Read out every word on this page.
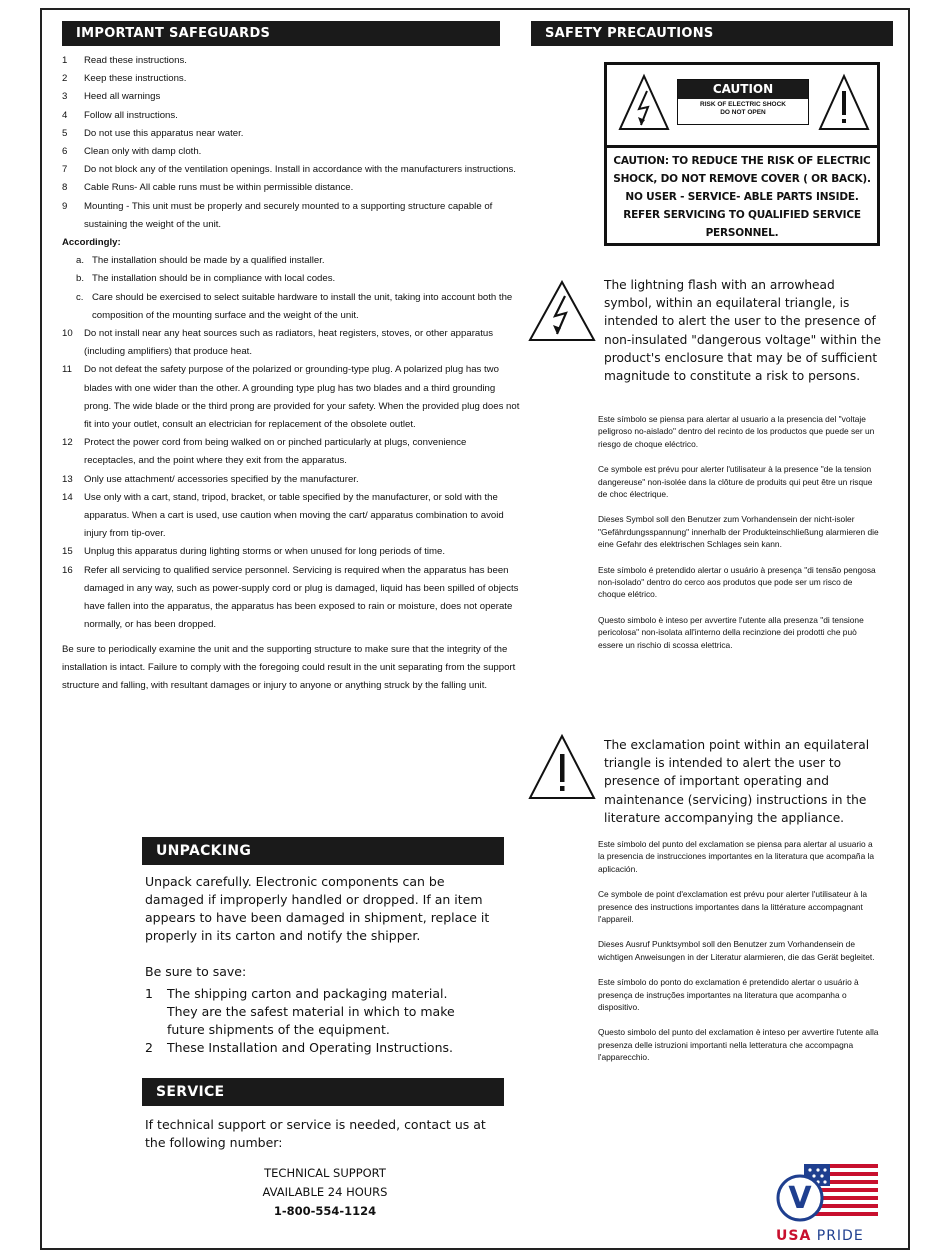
IMPORTANT SAFEGUARDS
1	Read these instructions.
2	Keep these instructions.
3	Heed all warnings
4	Follow all instructions.
5	Do not use this apparatus near water.
6	Clean only with damp cloth.
7	Do not block any of the ventilation openings. Install in accordance with the manufacturers instructions.
8	Cable Runs- All cable runs must be within permissible distance.
9	Mounting - This unit must be properly and securely mounted to a supporting structure capable of sustaining the weight of the unit.
Accordingly:
a. The installation should be made by a qualified installer.
b. The installation should be in compliance with local codes.
c. Care should be exercised to select suitable hardware to install the unit, taking into account both the composition of the mounting surface and the weight of the unit.
10	Do not install near any heat sources such as radiators, heat registers, stoves, or other apparatus (including amplifiers) that produce heat.
11	Do not defeat the safety purpose of the polarized or grounding-type plug. A polarized plug has two blades with one wider than the other. A grounding type plug has two blades and a third grounding prong. The wide blade or the third prong are provided for your safety. When the provided plug does not fit into your outlet, consult an electrician for replacement of the obsolete outlet.
12	Protect the power cord from being walked on or pinched particularly at plugs, convenience receptacles, and the point where they exit from the apparatus.
13	Only use attachment/ accessories specified by the manufacturer.
14	Use only with a cart, stand, tripod, bracket, or table specified by the manufacturer, or sold with the apparatus. When a cart is used, use caution when moving the cart/ apparatus combination to avoid injury from tip-over.
15	Unplug this apparatus during lighting storms or when unused for long periods of time.
16	Refer all servicing to qualified service personnel. Servicing is required when the apparatus has been damaged in any way, such as power-supply cord or plug is damaged, liquid has been spilled of objects have fallen into the apparatus, the apparatus has been exposed to rain or moisture, does not operate normally, or has been dropped.
Be sure to periodically examine the unit and the supporting structure to make sure that the integrity of the installation is intact. Failure to comply with the foregoing could result in the unit separating from the support structure and falling, with resultant damages or injury to anyone or anything struck by the falling unit.
UNPACKING
Unpack carefully. Electronic components can be damaged if improperly handled or dropped. If an item appears to have been damaged in shipment, replace it properly in its carton and notify the shipper.
Be sure to save:
1	The shipping carton and packaging material. They are the safest material in which to make future shipments of the equipment.
2	These Installation and Operating Instructions.
SERVICE
If technical support or service is needed, contact us at the following number:
TECHNICAL SUPPORT
AVAILABLE 24 HOURS
1-800-554-1124
SAFETY PRECAUTIONS
CAUTION
RISK OF ELECTRIC SHOCK
DO NOT OPEN
CAUTION: TO REDUCE THE RISK OF ELECTRIC SHOCK, DO NOT REMOVE COVER ( OR BACK). NO USER - SERVICE- ABLE PARTS INSIDE. REFER SERVICING TO QUALIFIED SERVICE PERSONNEL.
The lightning flash with an arrowhead symbol, within an equilateral triangle, is intended to alert the user to the presence of non-insulated "dangerous voltage" within the product's enclosure that may be of sufficient magnitude to constitute a risk to persons.

Este símbolo se piensa para alertar al usuario a la presencia del "voltaje peligroso no-aislado" dentro del recinto de los productos que puede ser un riesgo de choque eléctrico.

Ce symbole est prévu pour alerter l'utilisateur à la presence "de la tension dangereuse" non-isolée dans la clôture de produits qui peut être un risque de choc électrique.

Dieses Symbol soll den Benutzer zum Vorhandensein der nicht-isoler "Gefährdungsspannung" innerhalb der Produkteinschließung alarmieren die eine Gefahr des elektrischen Schlages sein kann.

Este símbolo é pretendido alertar o usuário à presença "di tensão pengosa non-isolado" dentro do cerco aos produtos que pode ser um risco de choque elétrico.

Questo simbolo è inteso per avvertire l'utente alla presenza "di tensione pericolosa" non-isolata all'interno della recinzione dei prodotti che può essere un rischio di scossa elettrica.

The exclamation point within an equilateral triangle is intended to alert the user to presence of important operating and maintenance (servicing) instructions in the literature accompanying the appliance.

Este símbolo del punto del exclamation se piensa para alertar al usuario a la presencia de instrucciones importantes en la literatura que acompaña la aplicación.

Ce symbole de point d'exclamation est prévu pour alerter l'utilisateur à la presence des instructions importantes dans la littérature accompagnant l'appareil.

Dieses Ausruf Punktsymbol soll den Benutzer zum Vorhandensein de wichtigen Anweisungen in der Literatur alarmieren, die das Gerät begleitet.

Este símbolo do ponto do exclamation é pretendido alertar o usuário à presença de instruções importantes na literatura que acompanha o dispositivo.

Questo simbolo del punto del exclamation è inteso per avvertire l'utente alla presenza delle istruzioni importanti nella letteratura che accompagna l'apparecchio.

V
USA PRIDE
